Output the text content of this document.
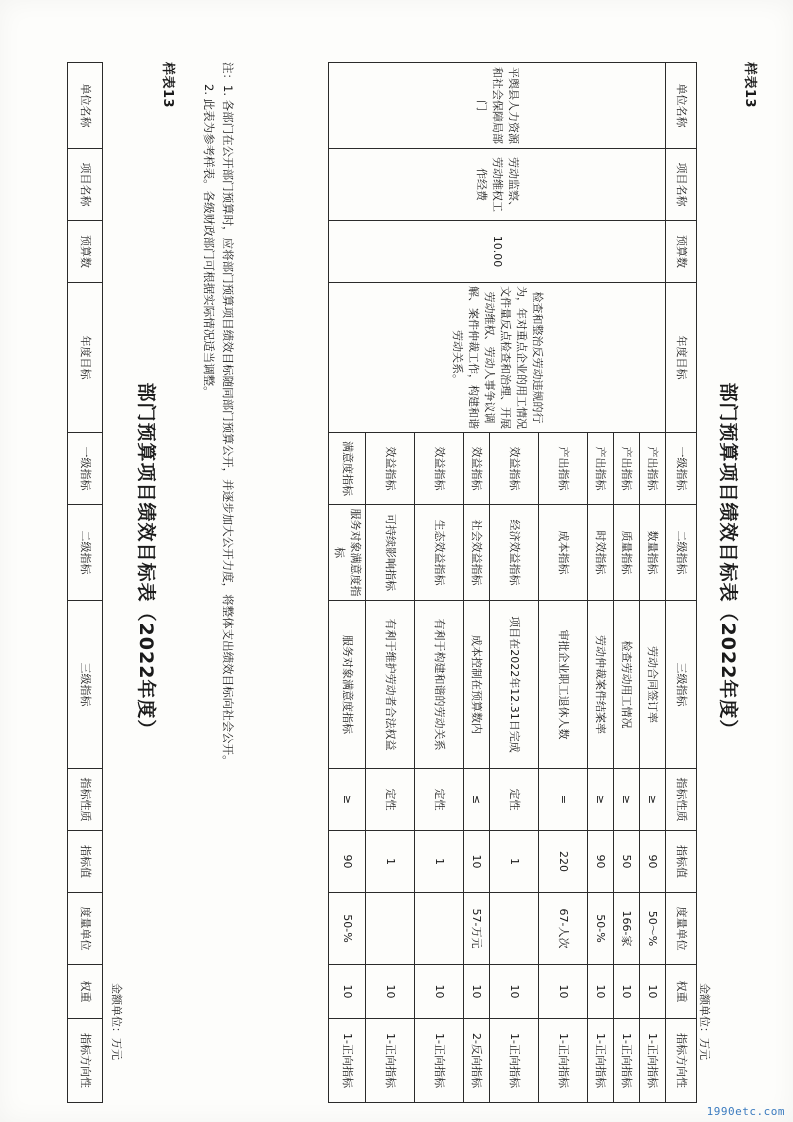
样表13
部门预算项目绩效目标表（2022年度）
金额单位：万元
单位名称	项目名称	预算数	年度目标	一级指标	二级指标	三级指标	指标性质	指标值	度量单位	权重	指标方向性
平舆县人力资源和社会保障局部门	劳动监察、劳动维权工作经费	10.00	检查和整治反劳动违规的行为，年对重点企业的用工情况文件量反点检查和治理、开展劳动维权、劳动人事争议调解、案件仲裁工作，构建和谐劳动关系。	产出指标	数量指标	劳动合同签订率	≥	90	50～%	10	1-正向指标
				产出指标	质量指标	检查劳动用工情况	≥	50	166-家	10	1-正向指标
				产出指标	时效指标	劳动仲裁案件结案率	≥	90	50-%	10	1-正向指标
				产出指标	成本指标	审批企业职工退休人数	=	220	67-人次	10	1-正向指标
				效益指标	经济效益指标	项目在2022年12.31日完成	定性	1		10	1-正向指标
				效益指标	社会效益指标	成本控制在预算数内	≤	10	57-万元	10	2-反向指标
				效益指标	生态效益指标	有利于构建和谐的劳动关系	定性	1		10	1-正向指标
				效益指标	可持续影响指标	有利于维护劳动者合法权益	定性	1		10	1-正向指标
				满意度指标	服务对象满意度指标	服务对象满意度指标	≥	90	50-%	10	1-正向指标
注：1. 各部门在公开部门预算时，应将部门预算项目绩效目标随同部门预算公开，并逐步加大公开力度，将整体支出绩效目标向社会公开。
2. 此表为参考样表。各级财政部门可根据实际情况适当调整。
样表13
部门预算项目绩效目标表（2022年度）
金额单位：万元
单位名称	项目名称	预算数	年度目标	一级指标	二级指标	三级指标	指标性质	指标值	度量单位	权重	指标方向性
1990etc.com
